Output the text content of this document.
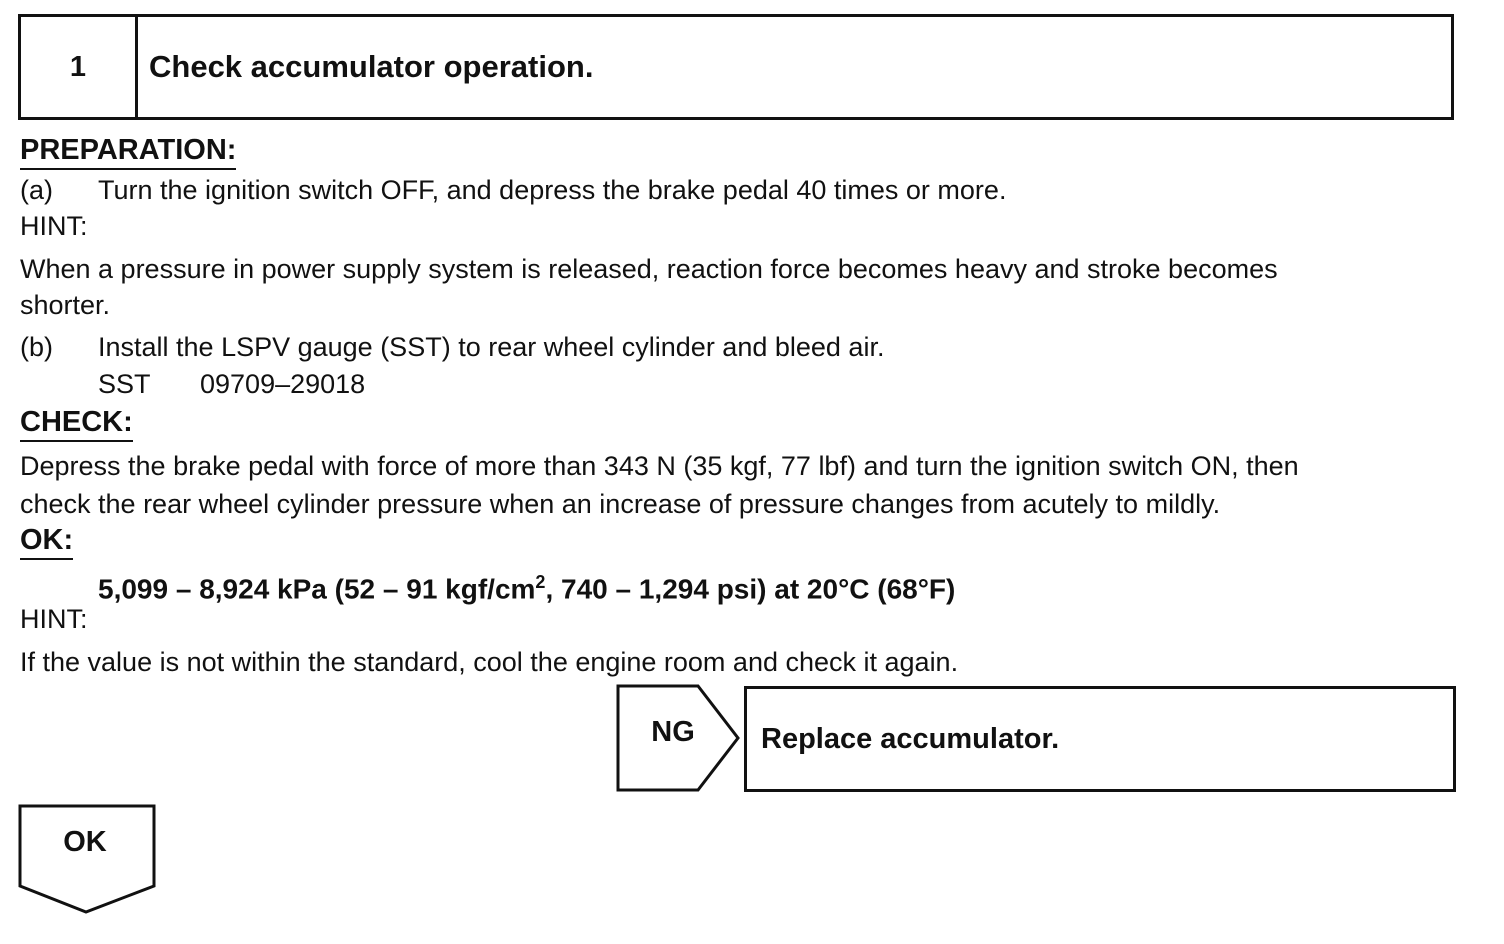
1	Check accumulator operation.
PREPARATION:
(a) Turn the ignition switch OFF, and depress the brake pedal 40 times or more.
HINT:
When a pressure in power supply system is released, reaction force becomes heavy and stroke becomes
shorter.
(b) Install the LSPV gauge (SST) to rear wheel cylinder and bleed air.
SST 09709–29018
CHECK:
Depress the brake pedal with force of more than 343 N (35 kgf, 77 lbf) and turn the ignition switch ON, then
check the rear wheel cylinder pressure when an increase of pressure changes from acutely to mildly.
OK:
5,099 – 8,924 kPa (52 – 91 kgf/$cm^2$, 740 – 1,294 psi) at 20°C (68°F)
HINT:
If the value is not within the standard, cool the engine room and check it again.
NG	Replace accumulator.
OK
